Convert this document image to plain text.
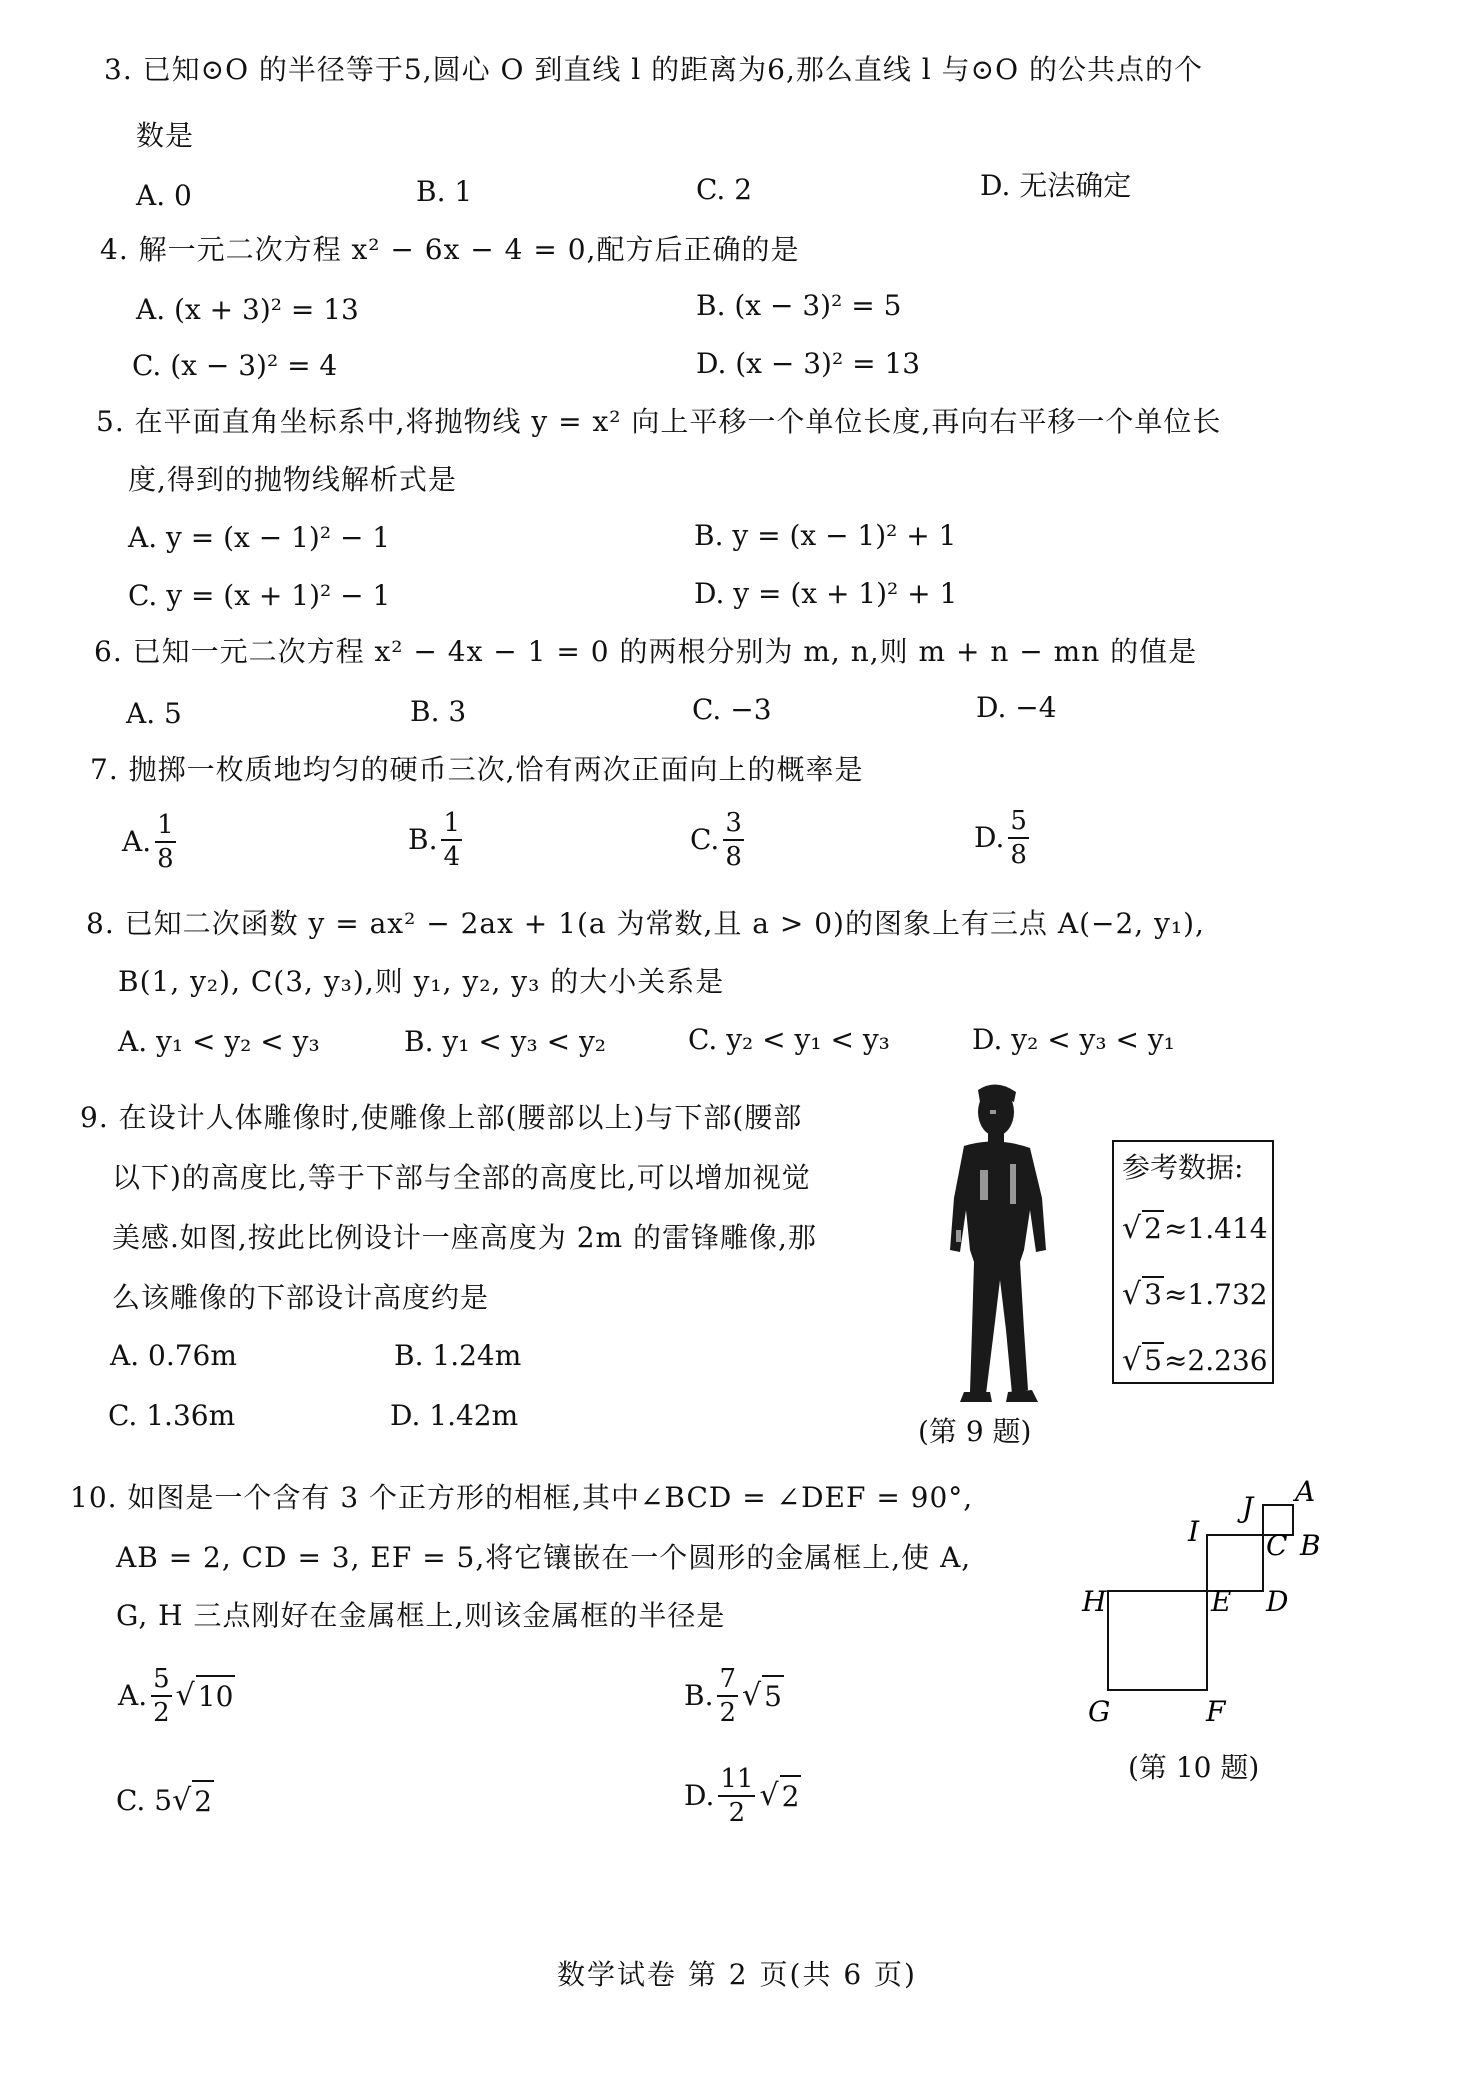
3. 已知⊙O 的半径等于5,圆心 O 到直线 l 的距离为6,那么直线 l 与⊙O 的公共点的个
数是
A. 0	B. 1	C. 2	D. 无法确定
4. 解一元二次方程 x² − 6x − 4 = 0,配方后正确的是
A. (x + 3)² = 13	B. (x − 3)² = 5
C. (x − 3)² = 4	D. (x − 3)² = 13
5. 在平面直角坐标系中,将抛物线 y = x² 向上平移一个单位长度,再向右平移一个单位长
度,得到的抛物线解析式是
A. y = (x − 1)² − 1	B. y = (x − 1)² + 1
C. y = (x + 1)² − 1	D. y = (x + 1)² + 1
6. 已知一元二次方程 x² − 4x − 1 = 0 的两根分别为 m, n,则 m + n − mn 的值是
A. 5	B. 3	C. −3	D. −4
7. 抛掷一枚质地均匀的硬币三次,恰有两次正面向上的概率是
A. $\frac{1}{8}$	B. $\frac{1}{4}$	C. $\frac{3}{8}$	D. $\frac{5}{8}$
8. 已知二次函数 y = ax² − 2ax + 1(a 为常数,且 a > 0)的图象上有三点 A(−2, y₁),
B(1, y₂), C(3, y₃),则 y₁, y₂, y₃ 的大小关系是
A. y₁ < y₂ < y₃	B. y₁ < y₃ < y₂	C. y₂ < y₁ < y₃	D. y₂ < y₃ < y₁
9. 在设计人体雕像时,使雕像上部(腰部以上)与下部(腰部
以下)的高度比,等于下部与全部的高度比,可以增加视觉
美感.如图,按此比例设计一座高度为 2m 的雷锋雕像,那
么该雕像的下部设计高度约是
A. 0.76m	B. 1.24m
C. 1.36m	D. 1.42m	(第 9 题)
参考数据:
√ 2≈1.414
√ 3≈1.732
√ 5≈2.236
10. 如图是一个含有 3 个正方形的相框,其中∠BCD = ∠DEF = 90°,
AB = 2, CD = 3, EF = 5,将它镶嵌在一个圆形的金属框上,使 A,
G, H 三点刚好在金属框上,则该金属框的半径是
A. $\frac{5}{2}$ √ 10	B. $\frac{7}{2}$ √ 5
C.
5 √ 2	D. $\frac{11}{2}$ √ 2
A
B
C
D
E
F
G
H
I
J
(第 10 题)
数学试卷 第 2 页(共 6 页)
